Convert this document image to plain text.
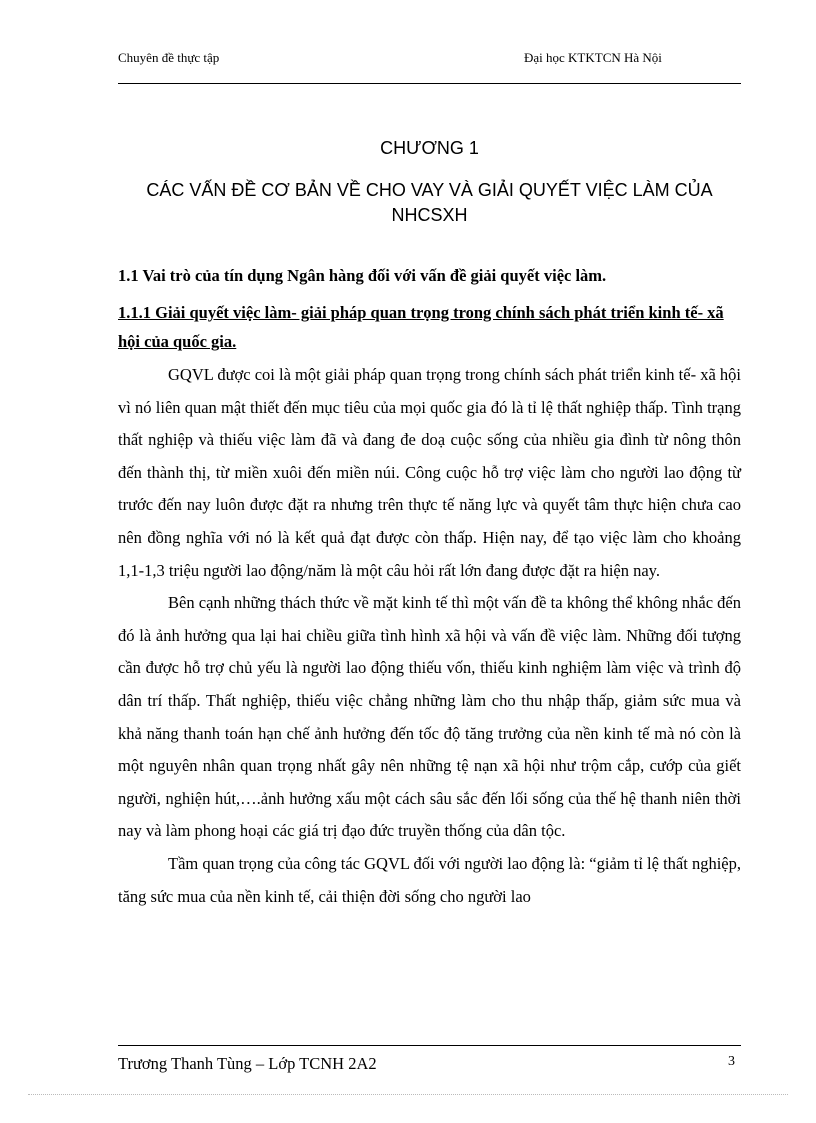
Chuyên đề thực tập	Đại học KTKTCN Hà Nội
CHƯƠNG 1
CÁC VẤN ĐỀ CƠ BẢN VỀ CHO VAY VÀ GIẢI QUYẾT VIỆC LÀM CỦA NHCSXH
1.1 Vai trò của tín dụng Ngân hàng đối với vấn đề giải quyết việc làm.
1.1.1 Giải quyết việc làm- giải pháp quan trọng trong chính sách phát triển kinh tế- xã hội của quốc gia.

GQVL được coi là một giải pháp quan trọng trong chính sách phát triển kinh tế- xã hội vì nó liên quan mật thiết đến mục tiêu của mọi quốc gia đó là tỉ lệ thất nghiệp thấp. Tình trạng thất nghiệp và thiếu việc làm đã và đang đe doạ cuộc sống của nhiều gia đình từ nông thôn đến thành thị, từ miền xuôi đến miền núi. Công cuộc hỗ trợ việc làm cho người lao động từ trước đến nay luôn được đặt ra nhưng trên thực tế năng lực và quyết tâm thực hiện chưa cao nên đồng nghĩa với nó là kết quả đạt được còn thấp. Hiện nay, để tạo việc làm cho khoảng 1,1-1,3 triệu người lao động/năm là một câu hỏi rất lớn đang được đặt ra hiện nay.

Bên cạnh những thách thức về mặt kinh tế thì một vấn đề ta không thể không nhắc đến đó là ảnh hưởng qua lại hai chiều giữa tình hình xã hội và vấn đề việc làm. Những đối tượng cần được hỗ trợ chủ yếu là người lao động thiếu vốn, thiếu kinh nghiệm làm việc và trình độ dân trí thấp. Thất nghiệp, thiếu việc chẳng những làm cho thu nhập thấp, giảm sức mua và khả năng thanh toán hạn chế ảnh hưởng đến tốc độ tăng trưởng của nền kinh tế mà nó còn là một nguyên nhân quan trọng nhất gây nên những tệ nạn xã hội như trộm cắp, cướp của giết người, nghiện hút,….ảnh hưởng xấu một cách sâu sắc đến lối sống của thế hệ thanh niên thời nay và làm phong hoại các giá trị đạo đức truyền thống của dân tộc.

Tầm quan trọng của công tác GQVL đối với người lao động là: “giảm tỉ lệ thất nghiệp, tăng sức mua của nền kinh tế, cải thiện đời sống cho người lao

Trương Thanh Tùng – Lớp TCNH 2A2	3
